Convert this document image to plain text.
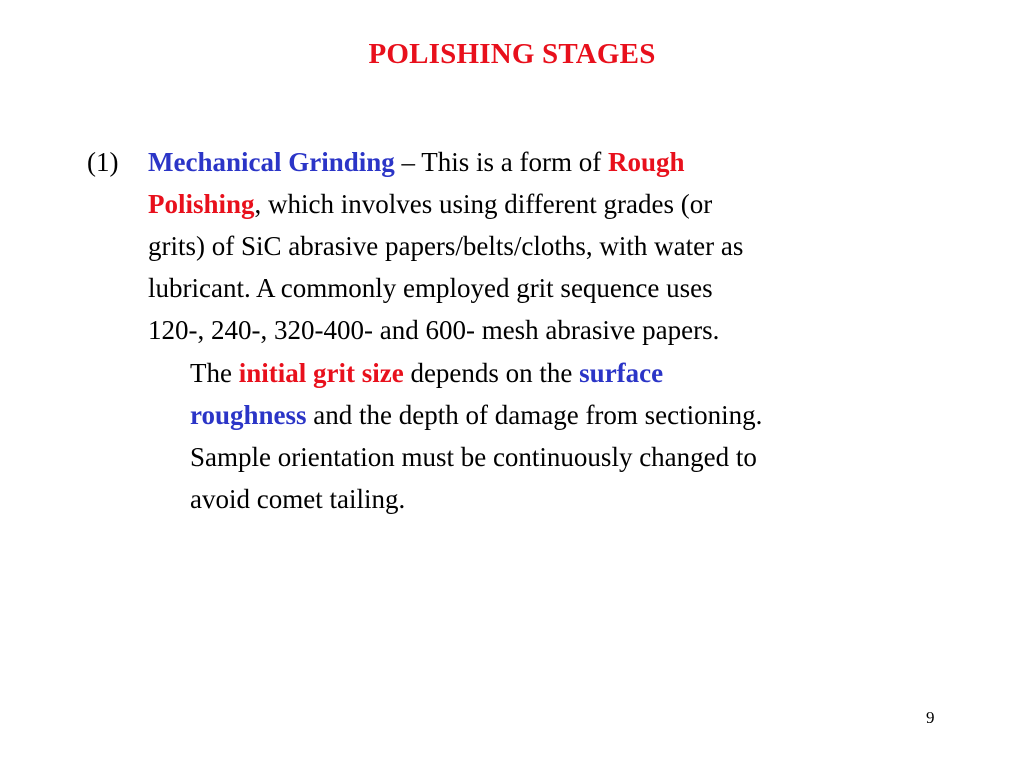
POLISHING STAGES
(1) Mechanical Grinding – This is a form of Rough
Polishing, which involves using different grades (or
grits) of SiC abrasive papers/belts/cloths, with water as
lubricant. A commonly employed grit sequence uses
120-, 240-, 320-400- and 600- mesh abrasive papers.
The initial grit size depends on the surface
roughness and the depth of damage from sectioning.
Sample orientation must be continuously changed to
avoid comet tailing.
9
